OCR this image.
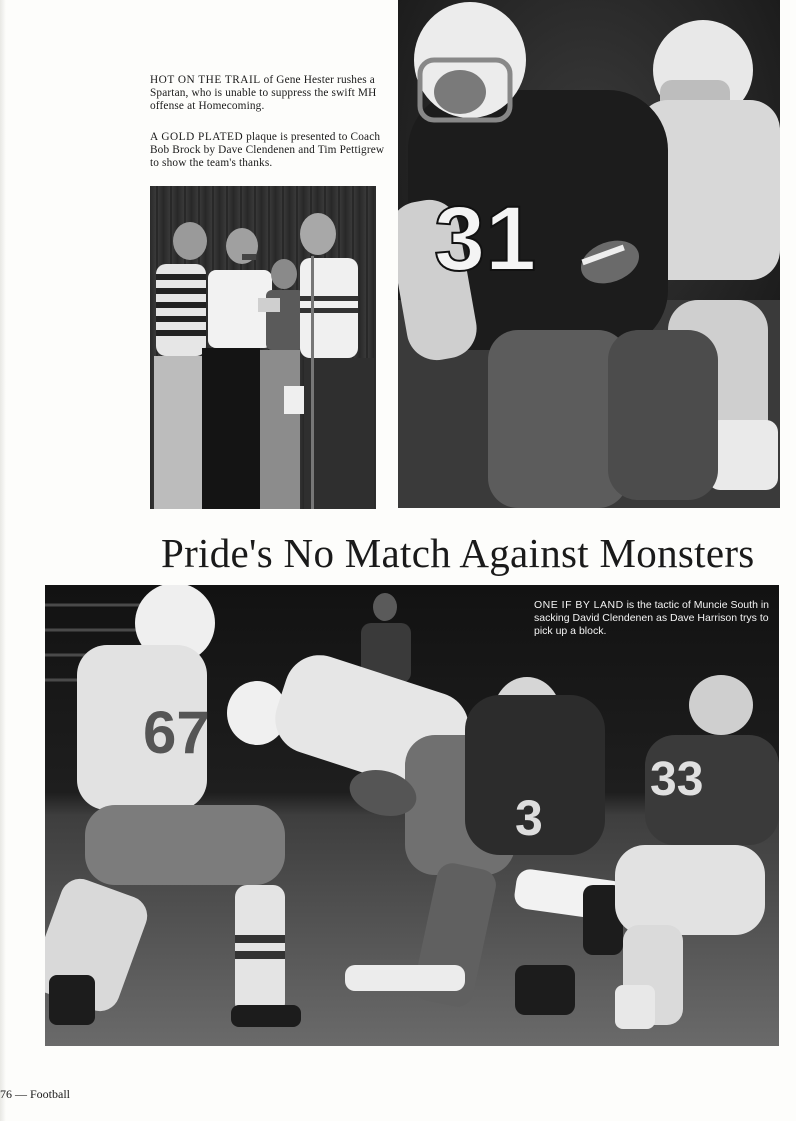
HOT ON THE TRAIL of Gene Hester rushes a Spartan, who is unable to suppress the swift MH offense at Homecoming.

A GOLD PLATED plaque is presented to Coach Bob Brock by Dave Clendenen and Tim Pettigrew to show the team's thanks.

31
Pride's No Match Against Monsters
67
3
33

ONE IF BY LAND is the tactic of Muncie South in sacking David Clendenen as Dave Harrison trys to pick up a block.

76 — Football
